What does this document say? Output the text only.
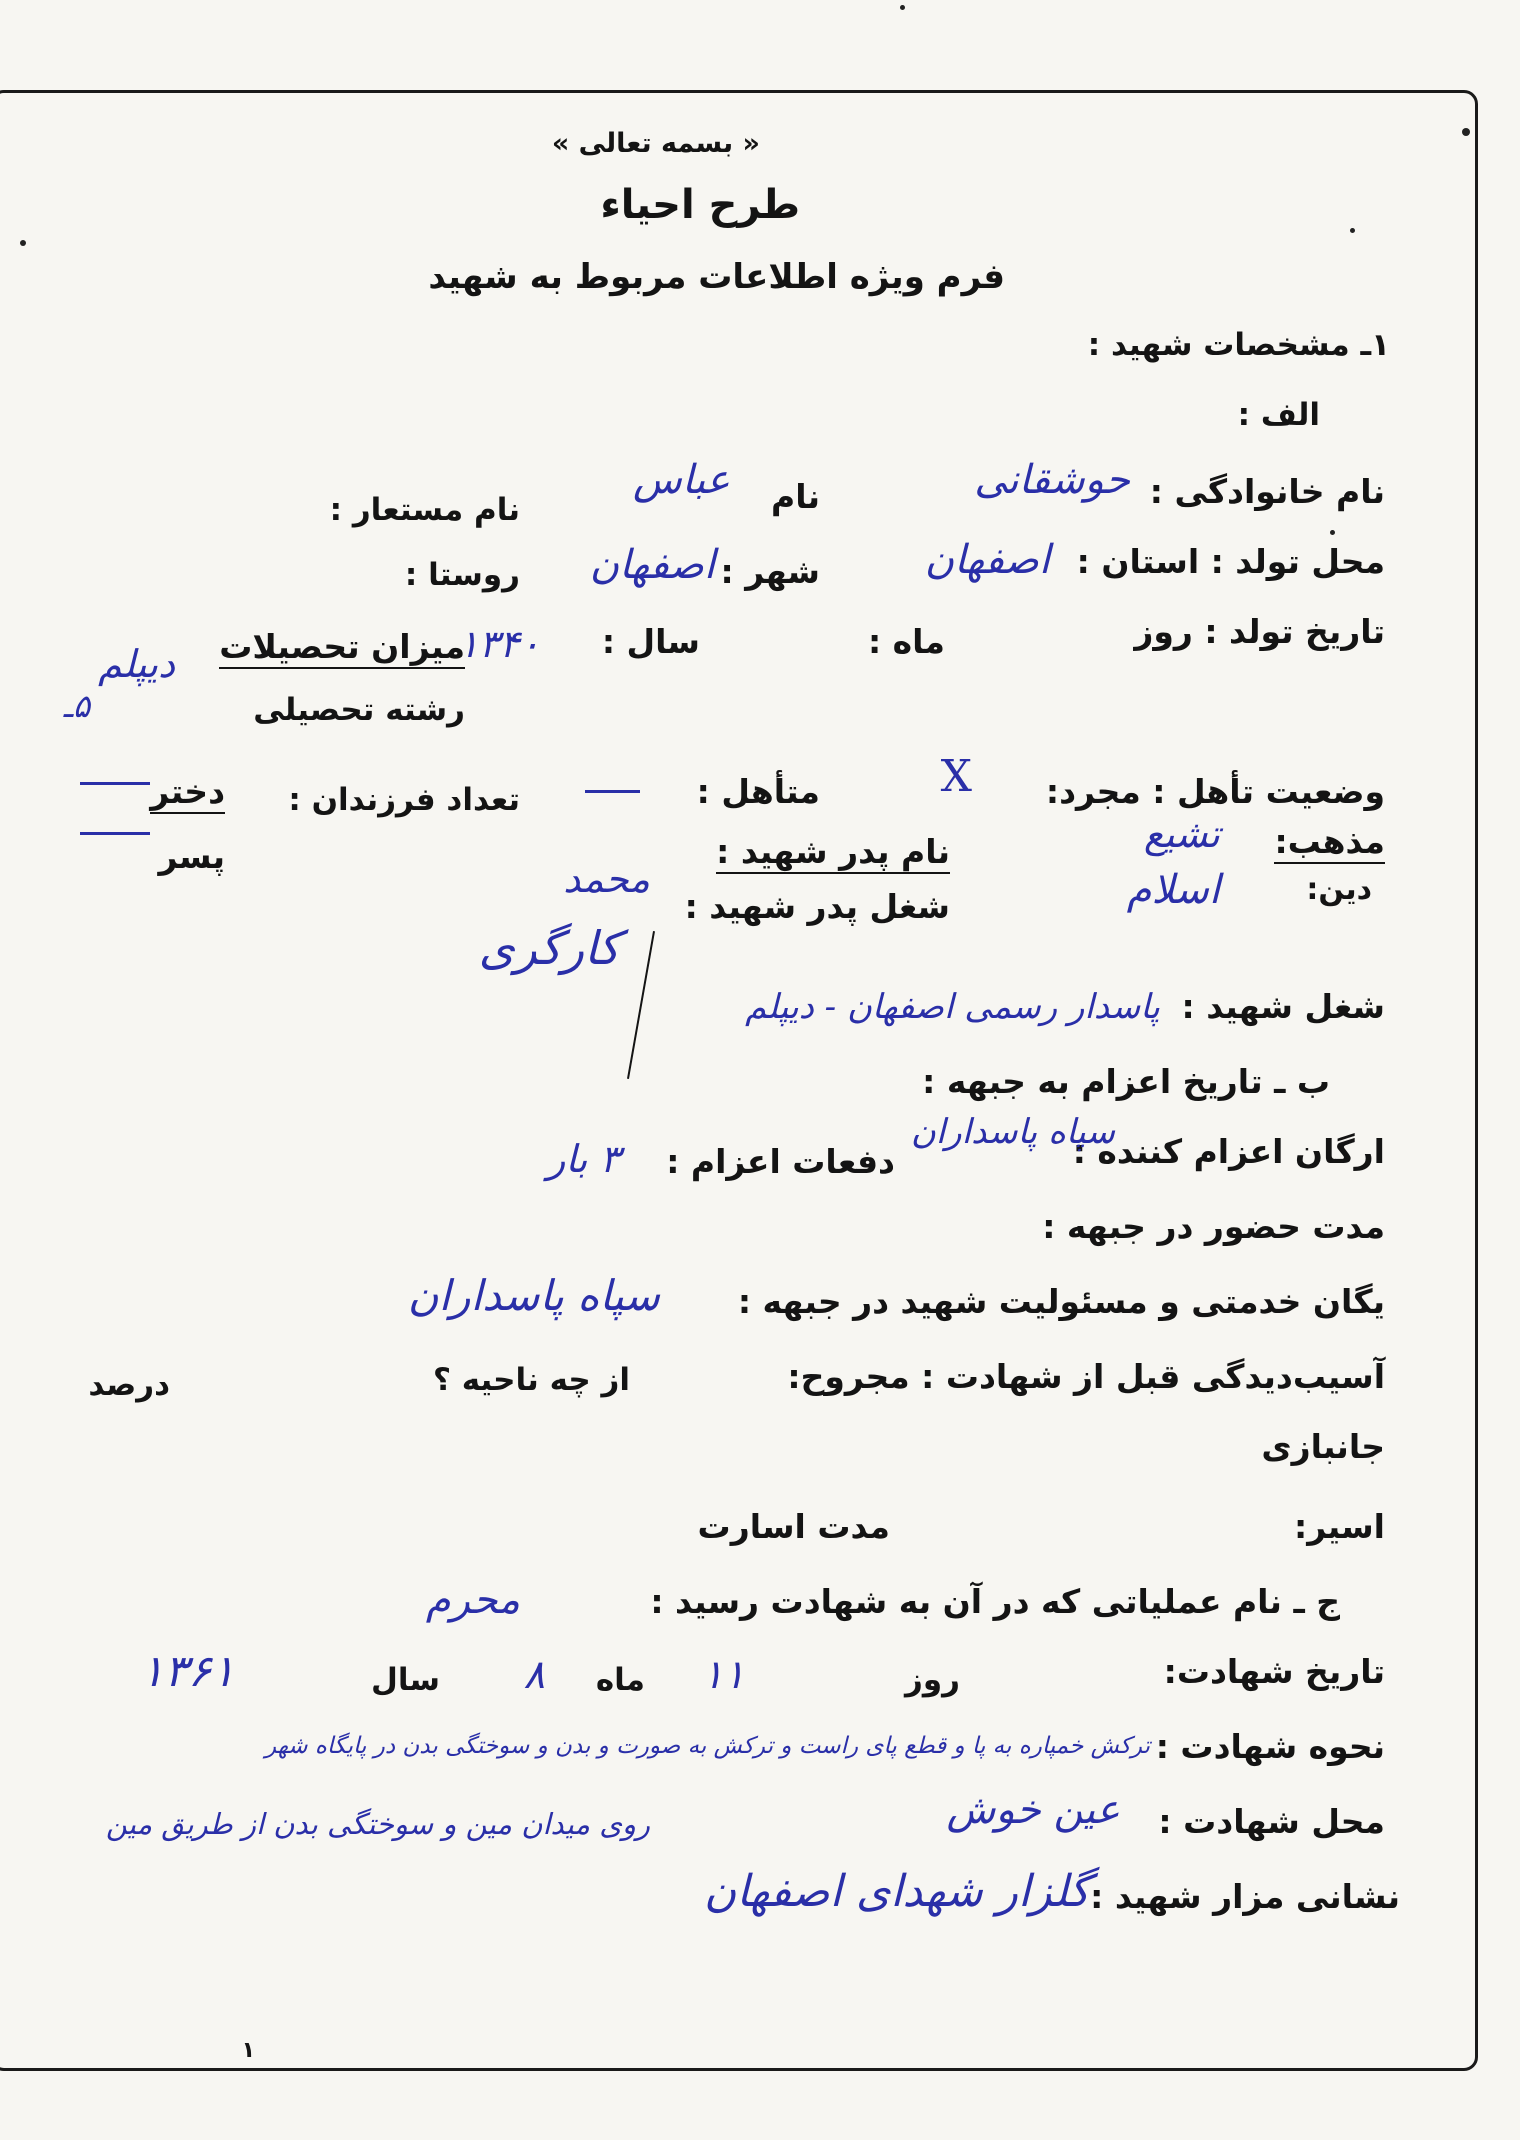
« بسمه تعالی »
طرح احیاء
فرم ویژه اطلاعات مربوط به شهید
۱ـ مشخصات شهید :
الف :
نام خانوادگی :
حوشقانی
نام
عباس
نام مستعار :
محل تولد : استان :
اصفهان
شهر :
اصفهان
روستا :
تاریخ تولد : روز
ماه :
سال :
۱۳۴۰
میزان تحصیلات
رشته تحصیلی
دیپلم
۵ـ
وضعیت تأهل : مجرد:
X
متأهل :
تعداد فرزندان :
دختر
پسر	مذهب:
دین:
تشیع
اسلام
نام پدر شهید :
شغل پدر شهید :
محمد
کارگری
شغل شهید :
پاسدار رسمی اصفهان - دیپلم
ب ـ تاریخ اعزام به جبهه :
ارگان اعزام کننده :
سپاه پاسداران
دفعات اعزام :
۳ بار
مدت حضور در جبهه :
یگان خدمتی و مسئولیت شهید در جبهه :
سپاه پاسداران
آسیب‌دیدگی قبل از شهادت : مجروح:
از چه ناحیه ؟
درصد
جانبازی
اسیر:
مدت اسارت
ج ـ نام عملیاتی که در آن به شهادت رسید :
محرم
تاریخ شهادت:
روز
۱۱
ماه
۸
سال
۱۳۶۱
نحوه شهادت :
ترکش خمپاره به پا و قطع پای راست و ترکش به صورت و بدن و سوختگی بدن در پایگاه شهر
روی میدان مین و سوختگی بدن از طریق مین	محل شهادت :
عین خوش
نشانی مزار شهید :
گلزار شهدای اصفهان
۱
